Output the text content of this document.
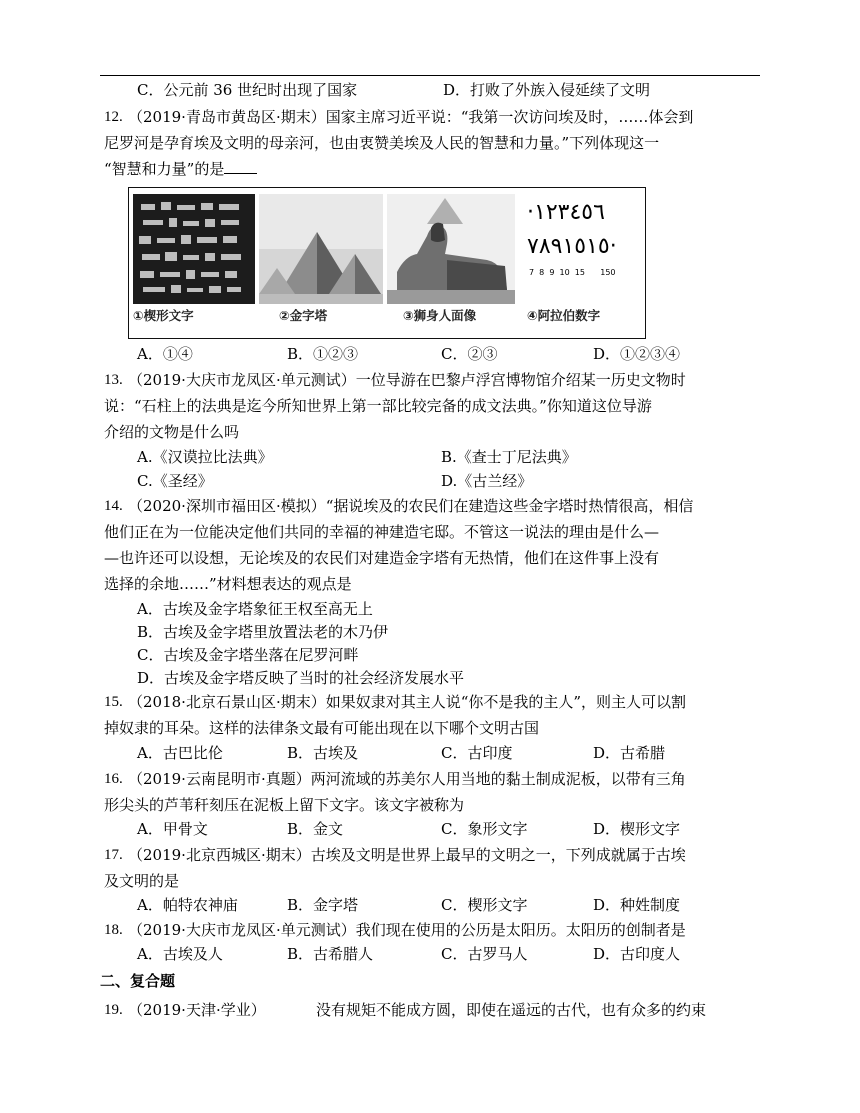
C．公元前 36 世纪时出现了国家	D．打败了外族入侵延续了文明
12. （2019·青岛市黄岛区·期末）国家主席习近平说：“我第一次访问埃及时，……体会到
尼罗河是孕育埃及文明的母亲河，也由衷赞美埃及人民的智慧和力量。”下列体现这一
“智慧和力量”的是
·١٢٣٤٥٦
٧٨٩١٥١٥·
7  8  9  10  15      150
①楔形文字	②金字塔	③狮身人面像	④阿拉伯数字
A．①④	B．①②③	C．②③	D．①②③④
13. （2019·大庆市龙凤区·单元测试）一位导游在巴黎卢浮宫博物馆介绍某一历史文物时
说：“石柱上的法典是迄今所知世界上第一部比较完备的成文法典。”你知道这位导游
介绍的文物是什么吗
A.《汉谟拉比法典》	B.《查士丁尼法典》
C.《圣经》	D.《古兰经》
14. （2020·深圳市福田区·模拟）“据说埃及的农民们在建造这些金字塔时热情很高，相信
他们正在为一位能决定他们共同的幸福的神建造宅邸。不管这一说法的理由是什么—
—也许还可以设想，无论埃及的农民们对建造金字塔有无热情，他们在这件事上没有
选择的余地……”材料想表达的观点是
A．古埃及金字塔象征王权至高无上
B．古埃及金字塔里放置法老的木乃伊
C．古埃及金字塔坐落在尼罗河畔
D．古埃及金字塔反映了当时的社会经济发展水平
15. （2018·北京石景山区·期末）如果奴隶对其主人说“你不是我的主人”，则主人可以割
掉奴隶的耳朵。这样的法律条文最有可能出现在以下哪个文明古国
A．古巴比伦	B．古埃及	C．古印度	D．古希腊
16. （2019·云南昆明市·真题）两河流域的苏美尔人用当地的黏土制成泥板，以带有三角
形尖头的芦苇秆刻压在泥板上留下文字。该文字被称为
A．甲骨文	B．金文	C．象形文字	D．楔形文字
17. （2019·北京西城区·期末）古埃及文明是世界上最早的文明之一，下列成就属于古埃
及文明的是
A．帕特农神庙	B．金字塔	C．楔形文字	D．种姓制度
18. （2019·大庆市龙凤区·单元测试）我们现在使用的公历是太阳历。太阳历的创制者是
A．古埃及人	B．古希腊人	C．古罗马人	D．古印度人
二、复合题
19. （2019·天津·学业）	没有规矩不能成方圆，即使在遥远的古代，也有众多的约束
